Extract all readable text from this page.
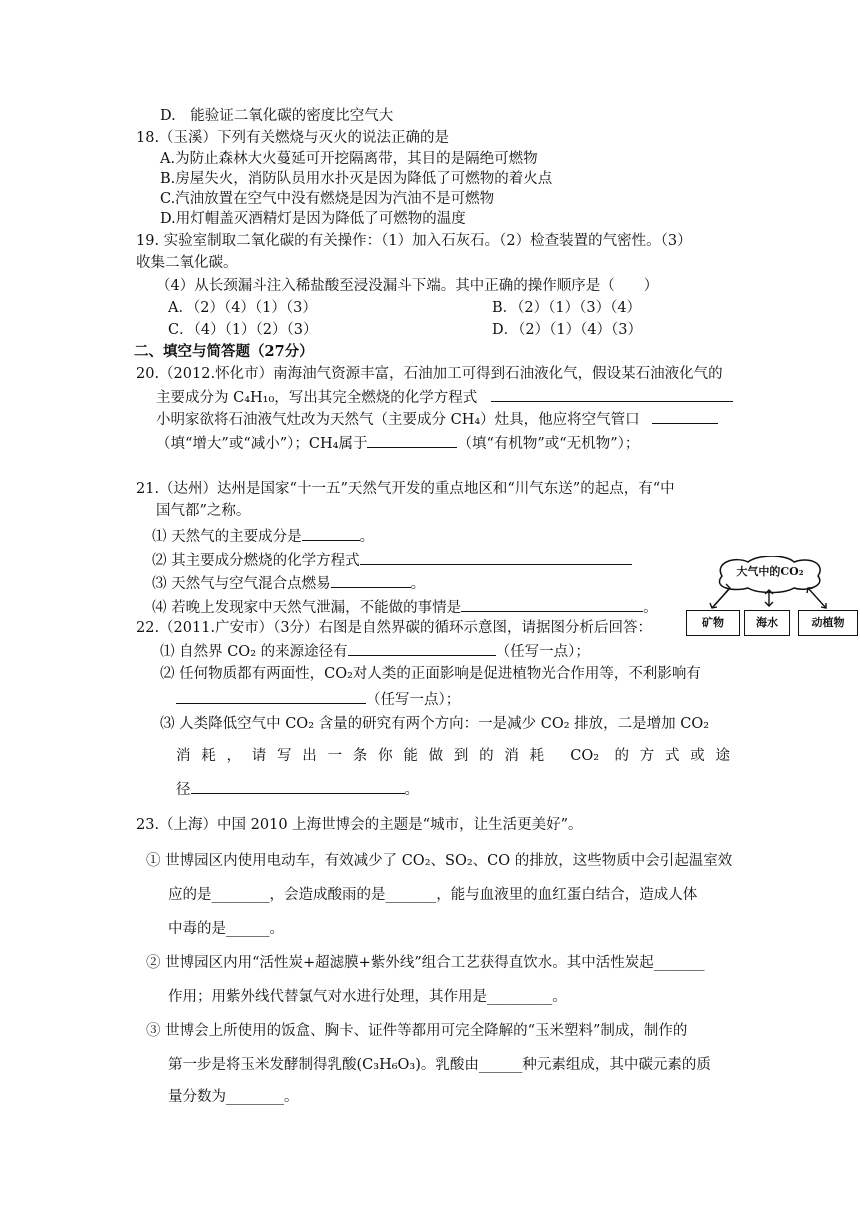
D.　能验证二氧化碳的密度比空气大
18.（玉溪）下列有关燃烧与灭火的说法正确的是
A.为防止森林大火蔓延可开挖隔离带，其目的是隔绝可燃物
B.房屋失火，消防队员用水扑灭是因为降低了可燃物的着火点
C.汽油放置在空气中没有燃烧是因为汽油不是可燃物
D.用灯帽盖灭酒精灯是因为降低了可燃物的温度
19. 实验室制取二氧化碳的有关操作：（1）加入石灰石。（2）检查装置的气密性。（3）
收集二氧化碳。
（4）从长颈漏斗注入稀盐酸至浸没漏斗下端。其中正确的操作顺序是（　　）
A．（2）（4）（1）（3）	B．（2）（1）（3）（4）
C．（4）（1）（2）（3）	D．（2）（1）（4）（3）
二、填空与简答题（27分）
20.（2012.怀化市）南海油气资源丰富，石油加工可得到石油液化气，假设某石油液化气的
主要成分为 C₄H₁₀，写出其完全燃烧的化学方程式
小明家欲将石油液气灶改为天然气（主要成分 CH₄）灶具，他应将空气管口
（填“增大”或“减小”）；CH₄属于	（填“有机物”或“无机物”）；
21.（达州）达州是国家“十一五”天然气开发的重点地区和“川气东送”的起点，有“中
国气都”之称。
⑴ 天然气的主要成分是	。
⑵ 其主要成分燃烧的化学方程式
⑶ 天然气与空气混合点燃易	。
⑷ 若晚上发现家中天然气泄漏，不能做的事情是	。
大气中的CO₂
矿物	海水	动植物
22.（2011.广安市）（3分）右图是自然界碳的循环示意图，请据图分析后回答：
⑴ 自然界 CO₂ 的来源途径有	（任写一点）；
⑵ 任何物质都有两面性，CO₂对人类的正面影响是促进植物光合作用等，不利影响有
（任写一点）；
⑶ 人类降低空气中 CO₂ 含量的研究有两个方向：一是减少 CO₂ 排放，二是增加 CO₂
消耗，请写出一条你能做到的消耗 CO₂ 的方式或途
径	。
23.（上海）中国 2010 上海世博会的主题是“城市，让生活更美好”。
① 世博园区内使用电动车，有效减少了 CO₂、SO₂、CO 的排放，这些物质中会引起温室效
应的是________，会造成酸雨的是_______，能与血液里的血红蛋白结合，造成人体
中毒的是______。
② 世博园区内用“活性炭+超滤膜+紫外线”组合工艺获得直饮水。其中活性炭起_______
作用；用紫外线代替氯气对水进行处理，其作用是_________。
③ 世博会上所使用的饭盒、胸卡、证件等都用可完全降解的“玉米塑料”制成，制作的
第一步是将玉米发酵制得乳酸(C₃H₆O₃)。乳酸由______种元素组成，其中碳元素的质
量分数为________。
